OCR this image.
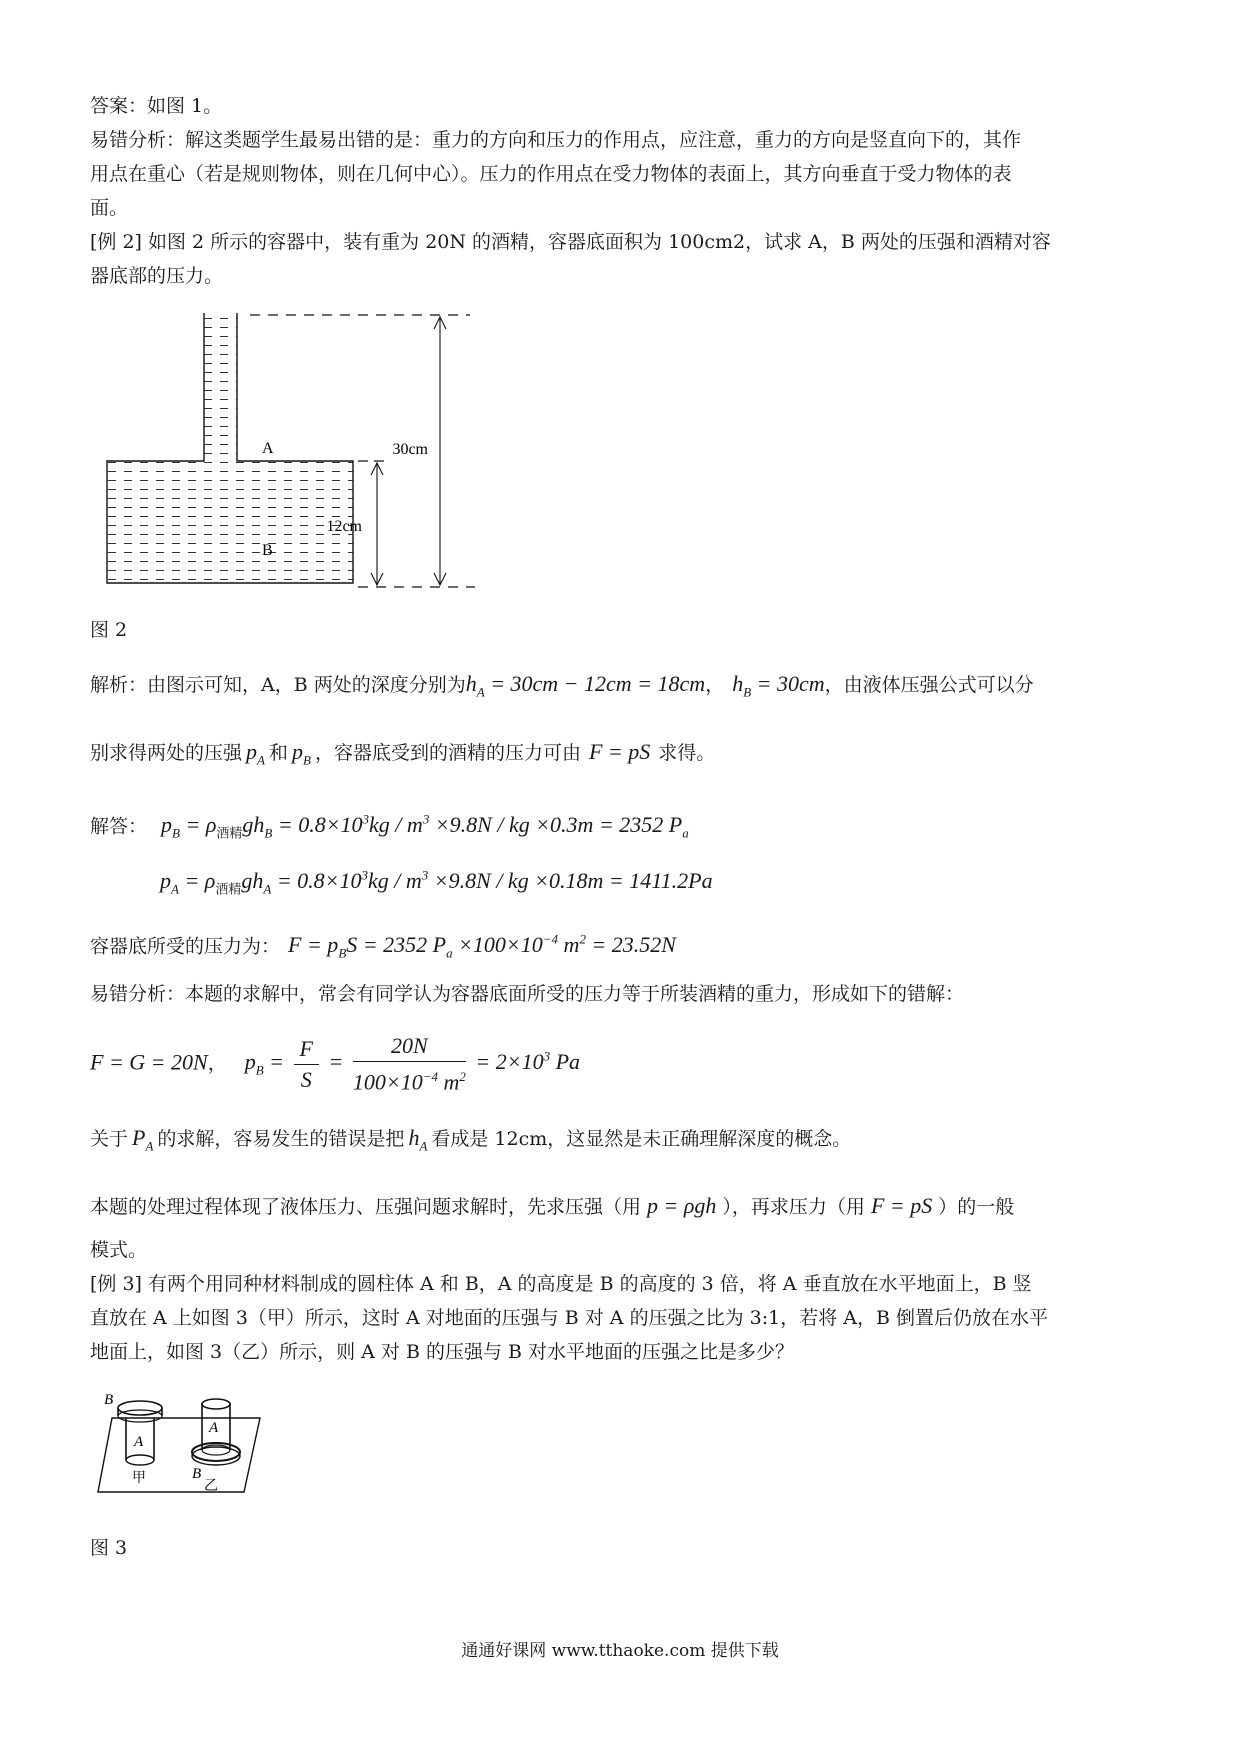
答案：如图 1。
易错分析：解这类题学生最易出错的是：重力的方向和压力的作用点，应注意，重力的方向是竖直向下的，其作
用点在重心（若是规则物体，则在几何中心）。压力的作用点在受力物体的表面上，其方向垂直于受力物体的表
面。
[例 2] 如图 2 所示的容器中，装有重为 20N 的酒精，容器底面积为 100cm2，试求 A，B 两处的压强和酒精对容
器底部的压力。
A
B
30cm
12cm
图 2
解析：由图示可知，A，B 两处的深度分别为$h_A = 30cm - 12cm = 18cm$， $h_B = 30cm$，由液体压强公式可以分
别求得两处的压强 $p_A$ 和 $p_B$ ，容器底受到的酒精的压力可由 F = pS 求得。
解答： $p_B = \rho_{酒精}gh_B = 0.8\times 10^3kg / m^3 \times 9.8N$ / kg ×0.3m = 2352 $P_a$
$p_A = \rho_{酒精}gh_A = 0.8\times 10^3kg / m^3 \times 9.8N$ / kg ×0.18m = 1411.2Pa
容器底所受的压力为： $F = p_BS = 2352$ $P_a \times 100\times 10^{-4}$ $m^2 = 23.52N$
易错分析：本题的求解中，常会有同学认为容器底面所受的压力等于所装酒精的重力，形成如下的错解：
F = G = 20N， $p_B = \frac{F}{S} = \frac{20N}{100\times 10^{-4} m^2} = 2\times 10^3$ Pa
关于 $P_A$ 的求解，容易发生的错误是把 $h_A$ 看成是 12cm，这显然是未正确理解深度的概念。
本题的处理过程体现了液体压力、压强问题求解时，先求压强（用 p = ρgh ），再求压力（用 F = pS ）的一般
模式。
[例 3] 有两个用同种材料制成的圆柱体 A 和 B，A 的高度是 B 的高度的 3 倍，将 A 垂直放在水平地面上，B 竖
直放在 A 上如图 3（甲）所示，这时 A 对地面的压强与 B 对 A 的压强之比为 3:1，若将 A，B 倒置后仍放在水平
地面上，如图 3（乙）所示，则 A 对 B 的压强与 B 对水平地面的压强之比是多少？
B
A
A
甲	B
乙
图 3
通通好课网 www.tthaoke.com 提供下载
